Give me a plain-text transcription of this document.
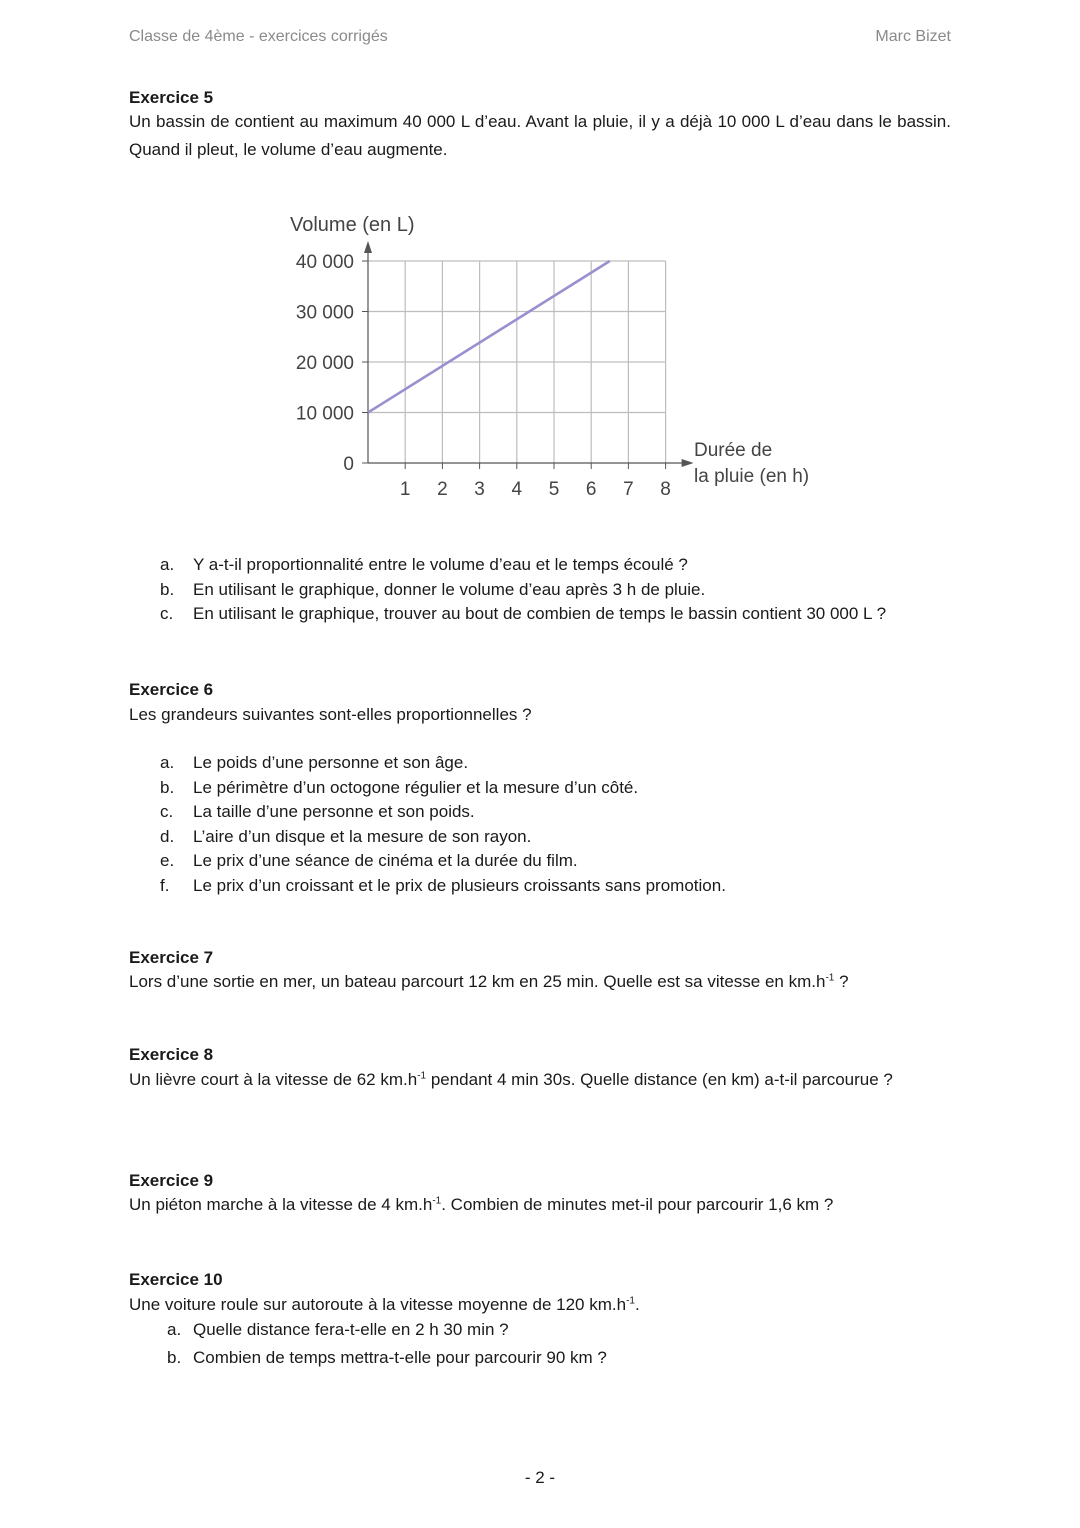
Classe de 4ème - exercices corrigés	Marc Bizet
Exercice 5
Un bassin de contient au maximum 40 000 L d’eau. Avant la pluie, il y a déjà 10 000 L d’eau dans le bassin. Quand il pleut, le volume d’eau augmente.
0
10 000
20 000
30 000
40 000
1 2 3 4 5 6 7 8
Volume (en L)
Durée de
la pluie (en h)
a.	Y a-t-il proportionnalité entre le volume d’eau et le temps écoulé ?
b.	En utilisant le graphique, donner le volume d’eau après 3 h de pluie.
c.	En utilisant le graphique, trouver au bout de combien de temps le bassin contient 30 000 L ?
Exercice 6
Les grandeurs suivantes sont-elles proportionnelles ?
a.	Le poids d’une personne et son âge.
b.	Le périmètre d’un octogone régulier et la mesure d’un côté.
c.	La taille d’une personne et son poids.
d.	L’aire d’un disque et la mesure de son rayon.
e.	Le prix d’une séance de cinéma et la durée du film.
f.	Le prix d’un croissant et le prix de plusieurs croissants sans promotion.
Exercice 7
Lors d’une sortie en mer, un bateau parcourt 12 km en 25 min. Quelle est sa vitesse en $km.h^{-1}$ ?
Exercice 8
Un lièvre court à la vitesse de 62 $km.h^{-1}$ pendant 4 min 30s. Quelle distance (en km) a-t-il parcourue ?
Exercice 9
Un piéton marche à la vitesse de 4 $km.h^{-1}$. Combien de minutes met-il pour parcourir 1,6 km ?
Exercice 10
Une voiture roule sur autoroute à la vitesse moyenne de 120 $km.h^{-1}$.
a. Quelle distance fera-t-elle en 2 h 30 min ?
b. Combien de temps mettra-t-elle pour parcourir 90 km ?
- 2 -
